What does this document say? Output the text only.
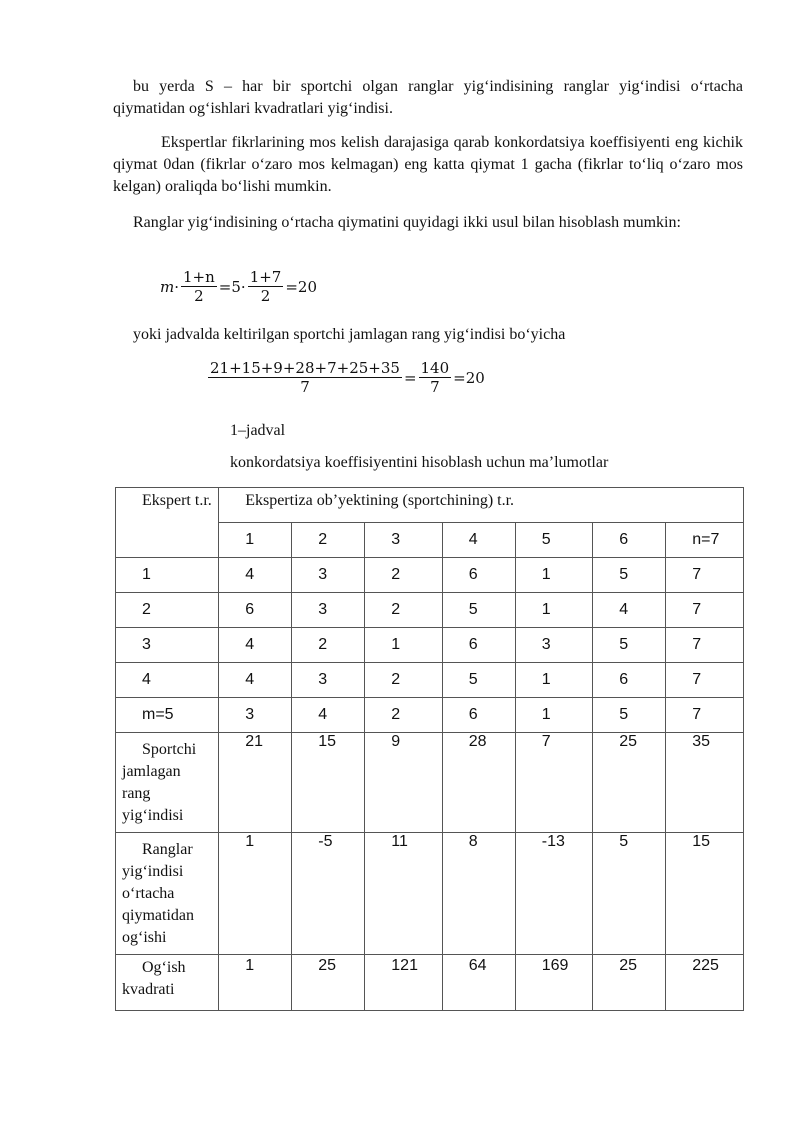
bu yerda S – har bir sportchi olgan ranglar yig‘indisining ranglar yig‘indisi o‘rtacha qiymatidan og‘ishlari kvadratlari yig‘indisi.

Ekspertlar fikrlarining mos kelish darajasiga qarab konkordatsiya koeffisiyenti eng kichik qiymat 0dan (fikrlar o‘zaro mos kelmagan) eng katta qiymat 1 gacha (fikrlar to‘liq o‘zaro mos kelgan) oraliqda bo‘lishi mumkin.

Ranglar yig‘indisining o‘rtacha qiymatini quyidagi ikki usul bilan hisoblash mumkin:

$m\cdot \frac{1+n}{2} =5\cdot \frac{1+7}{2} =20$

yoki jadvalda keltirilgan sportchi jamlagan rang yig‘indisi bo‘yicha

$\frac{21+15+9+28+7+25+35}{7} = \frac{140}{7} =20$
1–jadval
konkordatsiya koeffisiyentini hisoblash uchun ma’lumotlar
Ekspert t.r.	Ekspertiza ob’yektining (sportchining) t.r.						
	1	2	3	4	5	6	n=7
1	4	3	2	6	1	5	7
2	6	3	2	5	1	4	7
3	4	2	1	6	3	5	7
4	4	3	2	5	1	6	7
m=5	3	4	2	6	1	5	7
Sportchi jamlagan rang yig‘indisi	21	15	9	28	7	25	35
Ranglar yig‘indisi o‘rtacha qiymatidan og‘ishi	1	-5	11	8	-13	5	15
Og‘ish kvadrati	1	25	121	64	169	25	225
